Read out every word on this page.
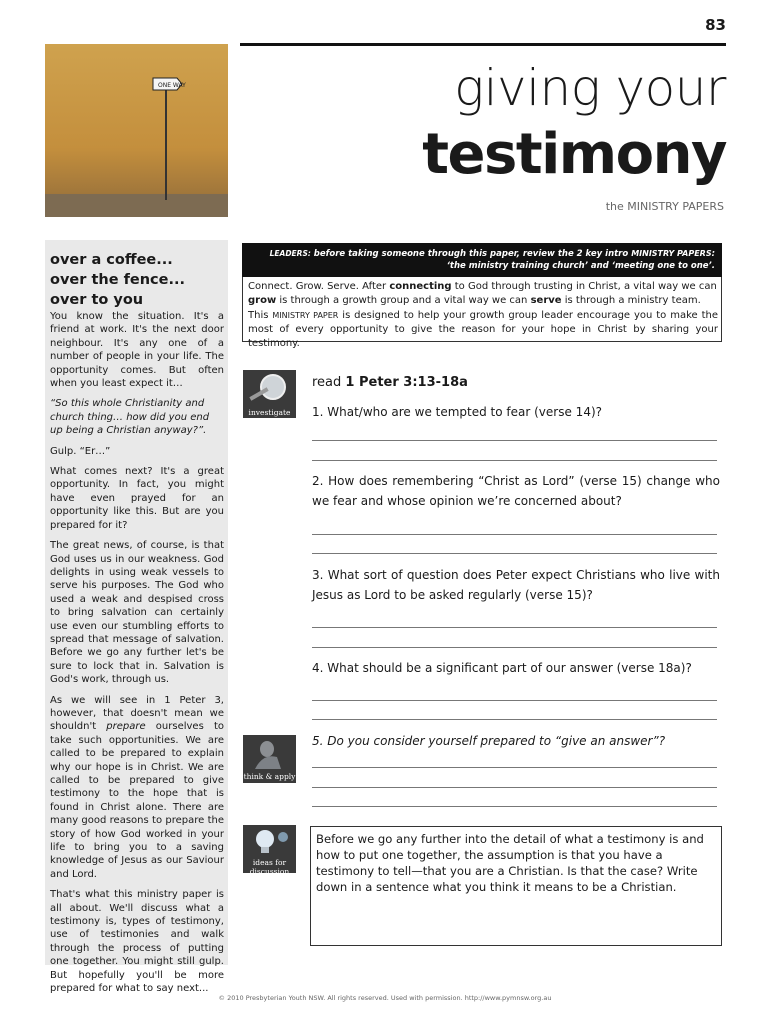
83
ONE WAY	giving your
testimony
the MINISTRY PAPERS
over a coffee...
over the fence...
over to you

You know the situation. It's a friend at work. It's the next door neighbour. It's any one of a number of people in your life. The opportunity comes. But often when you least expect it…

“So this whole Christianity and church thing… how did you end up being a Christian anyway?”.

Gulp. “Er…”

What comes next? It's a great opportunity. In fact, you might have even prayed for an opportunity like this. But are you prepared for it?

The great news, of course, is that God uses us in our weakness. God delights in using weak vessels to serve his purposes. The God who used a weak and despised cross to bring salvation can certainly use even our stumbling efforts to spread that message of salvation. Before we go any further let's be sure to lock that in. Salvation is God's work, through us.

As we will see in 1 Peter 3, however, that doesn't mean we shouldn't prepare ourselves to take such opportunities. We are called to be prepared to explain why our hope is in Christ. We are called to be prepared to give testimony to the hope that is found in Christ alone. There are many good reasons to prepare the story of how God worked in your life to bring you to a saving knowledge of Jesus as our Saviour and Lord.

That's what this ministry paper is all about. We'll discuss what a testimony is, types of testimony, use of testimonies and walk through the process of putting one together. You might still gulp. But hopefully you'll be more prepared for what to say next...

LEADERS: before taking someone through this paper, review the 2 key intro MINISTRY PAPERS: ‘the ministry training church’ and ‘meeting one to one’.
Connect. Grow. Serve. After connecting to God through trusting in Christ, a vital way we can grow is through a growth group and a vital way we can serve is through a ministry team.
This MINISTRY PAPER is designed to help your growth group leader encourage you to make the most of every opportunity to give the reason for your hope in Christ by sharing your testimony.
investigate
think & apply
ideas for
discussion
read 1 Peter 3:13-18a
1. What/who are we tempted to fear (verse 14)?
2. How does remembering “Christ as Lord” (verse 15) change who we fear and whose opinion we’re concerned about?
3. What sort of question does Peter expect Christians who live with Jesus as Lord to be asked regularly (verse 15)?
4. What should be a significant part of our answer (verse 18a)?
5. Do you consider yourself prepared to “give an answer”?
Before we go any further into the detail of what a testimony is and how to put one together, the assumption is that you have a testimony to tell—that you are a Christian. Is that the case? Write down in a sentence what you think it means to be a Christian.
© 2010 Presbyterian Youth NSW. All rights reserved. Used with permission. http://www.pymnsw.org.au
